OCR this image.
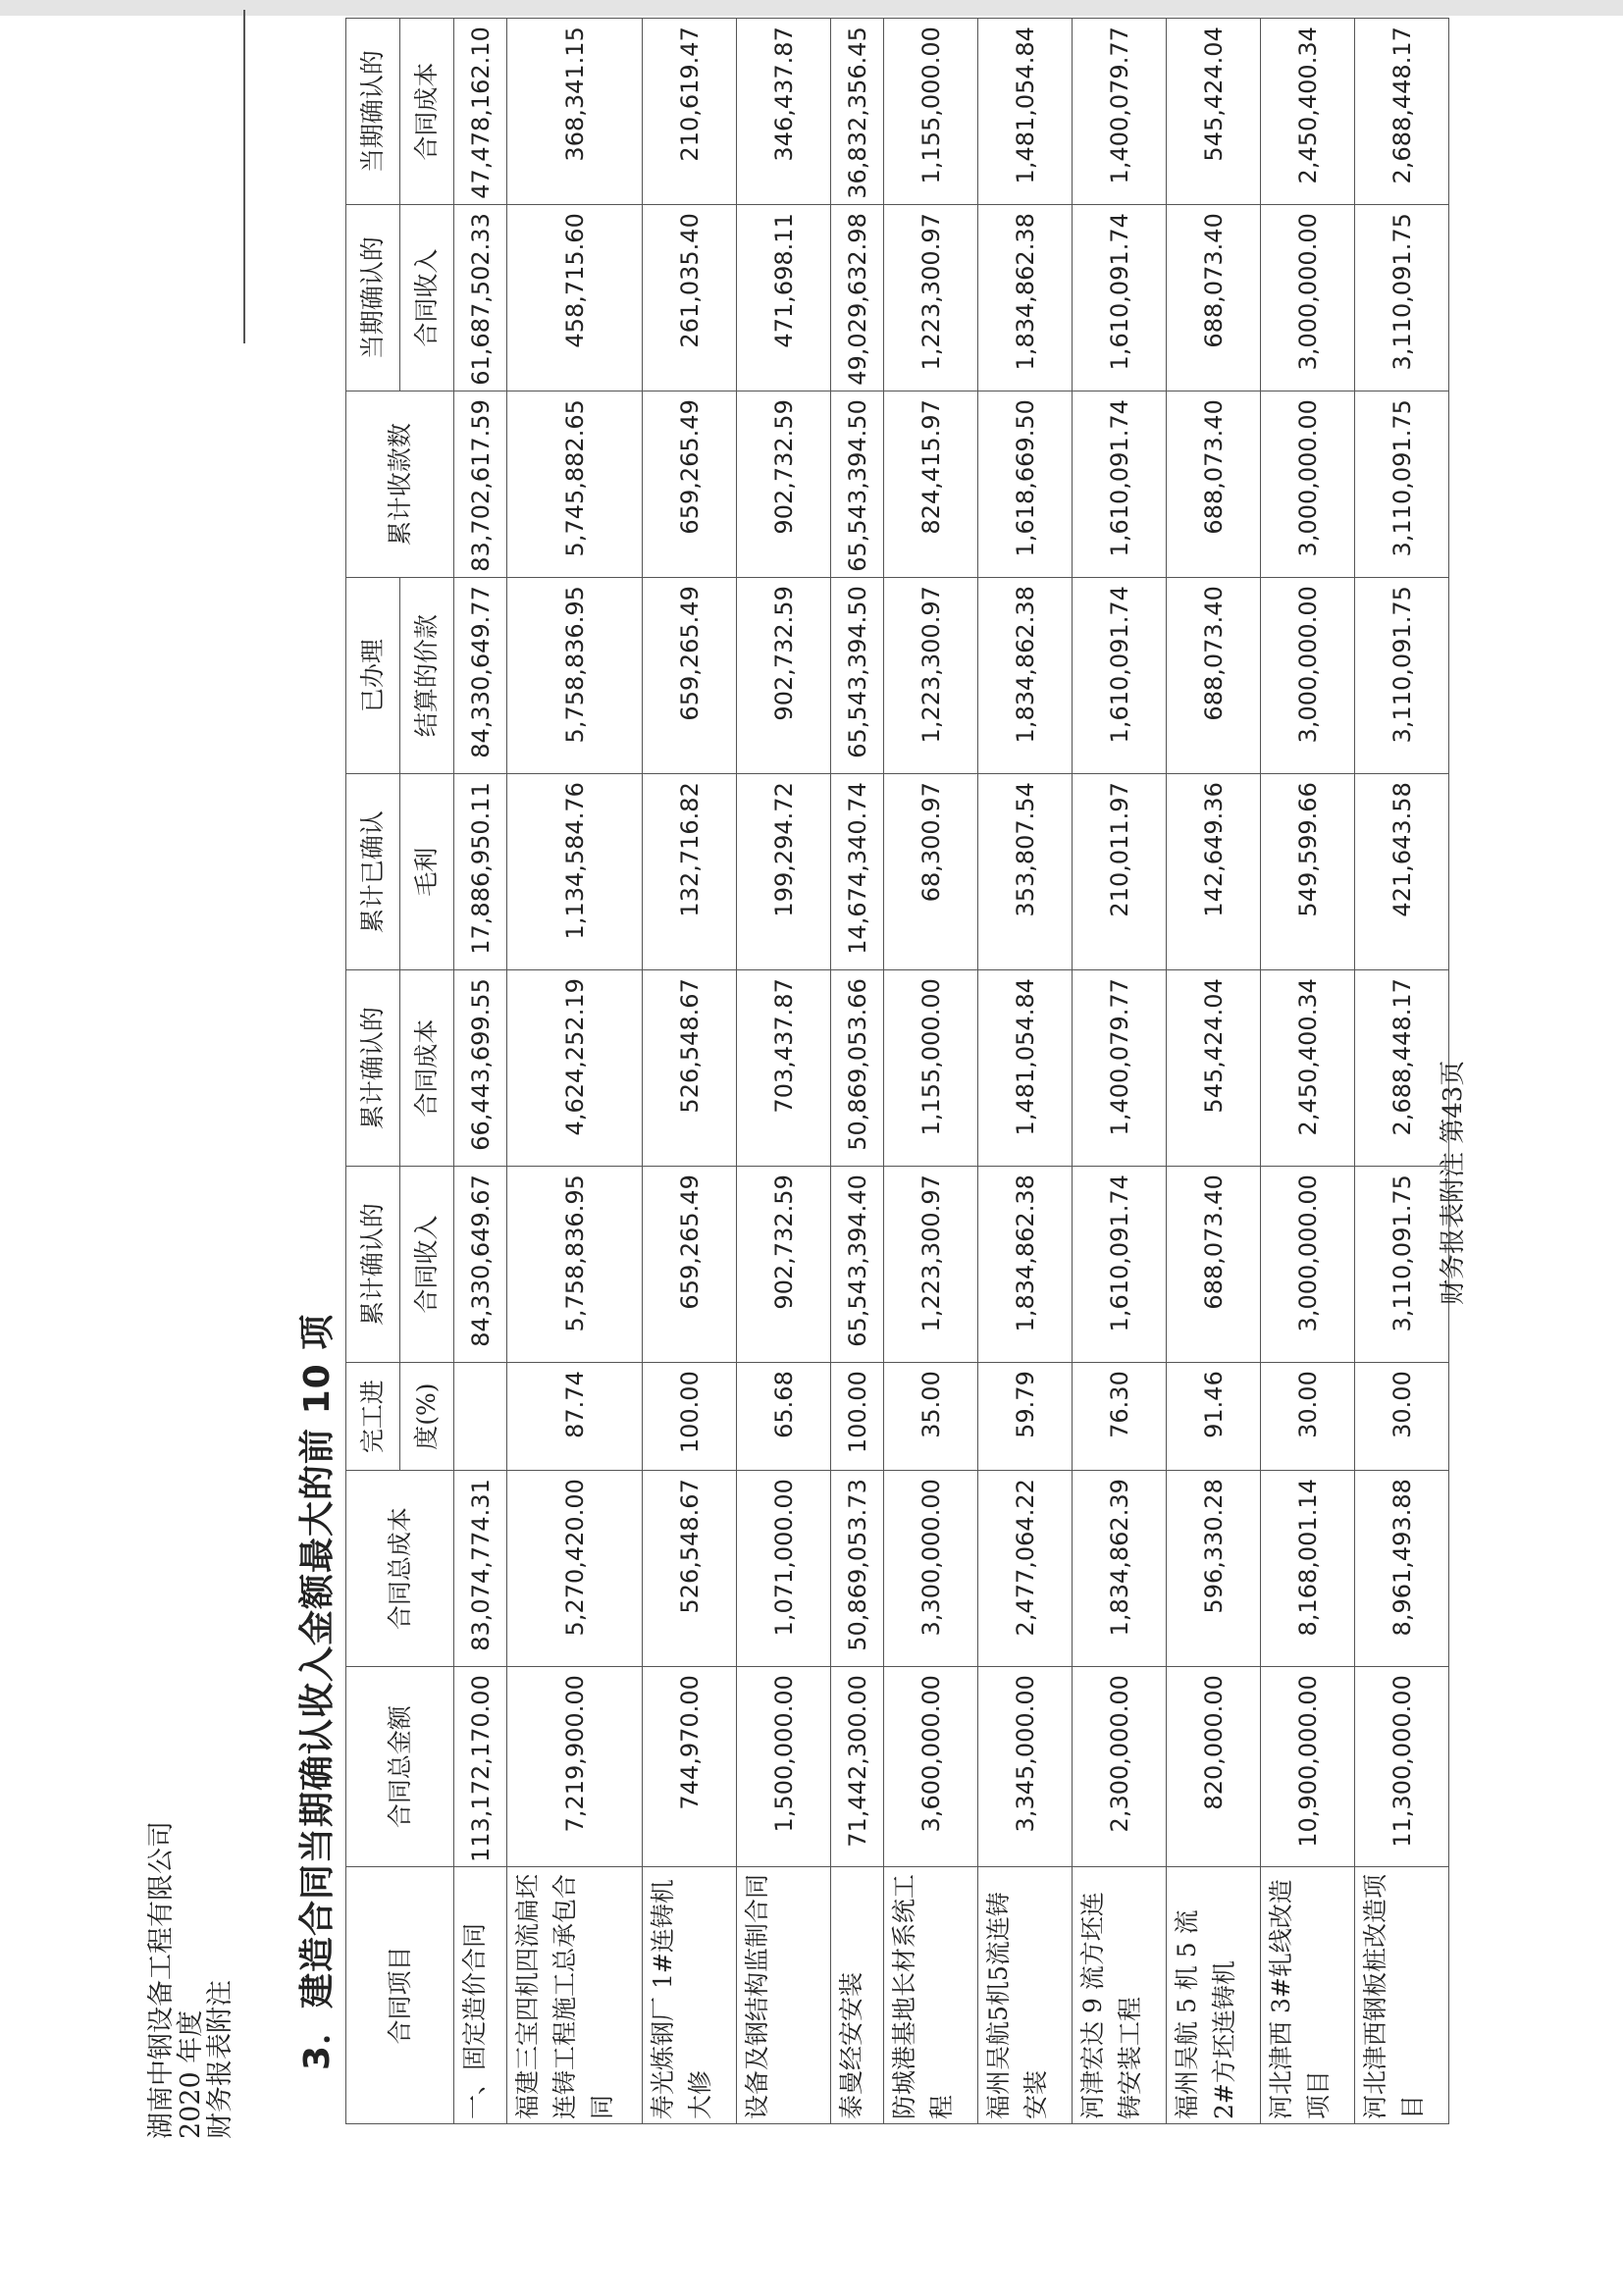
湖南中钢设备工程有限公司 2020 年度 财务报表附注 3．建造合同当期确认收入金额最大的前 10 项 合同项目	合同总金额	合同总成本	完工进	累计确认的	累计确认的	累计已确认	已办理	累计收款数	当期确认的	当期确认的
			度(%)	合同收入	合同成本	毛利	结算的价款		合同收入	合同成本
一、固定造价合同	113,172,170.00	83,074,774.31		84,330,649.67	66,443,699.55	17,886,950.11	84,330,649.77	83,702,617.59	61,687,502.33	47,478,162.10
福建三宝四机四流扁坯连铸工程施工总承包合同	7,219,900.00	5,270,420.00	87.74	5,758,836.95	4,624,252.19	1,134,584.76	5,758,836.95	5,745,882.65	458,715.60	368,341.15
寿光炼钢厂 1#连铸机大修	744,970.00	526,548.67	100.00	659,265.49	526,548.67	132,716.82	659,265.49	659,265.49	261,035.40	210,619.47
设备及钢结构监制合同	1,500,000.00	1,071,000.00	65.68	902,732.59	703,437.87	199,294.72	902,732.59	902,732.59	471,698.11	346,437.87
泰曼经安安装	71,442,300.00	50,869,053.73	100.00	65,543,394.40	50,869,053.66	14,674,340.74	65,543,394.50	65,543,394.50	49,029,632.98	36,832,356.45
防城港基地长材系统工程	3,600,000.00	3,300,000.00	35.00	1,223,300.97	1,155,000.00	68,300.97	1,223,300.97	824,415.97	1,223,300.97	1,155,000.00
福州吴航5机5流连铸安装	3,345,000.00	2,477,064.22	59.79	1,834,862.38	1,481,054.84	353,807.54	1,834,862.38	1,618,669.50	1,834,862.38	1,481,054.84
河津宏达 9 流方坯连铸安装工程	2,300,000.00	1,834,862.39	76.30	1,610,091.74	1,400,079.77	210,011.97	1,610,091.74	1,610,091.74	1,610,091.74	1,400,079.77
福州吴航 5 机 5 流 2#方坯连铸机	820,000.00	596,330.28	91.46	688,073.40	545,424.04	142,649.36	688,073.40	688,073.40	688,073.40	545,424.04
河北津西 3#轧线改造项目	10,900,000.00	8,168,001.14	30.00	3,000,000.00	2,450,400.34	549,599.66	3,000,000.00	3,000,000.00	3,000,000.00	2,450,400.34
河北津西钢板桩改造项目	11,300,000.00	8,961,493.88	30.00	3,110,091.75	2,688,448.17	421,643.58	3,110,091.75	3,110,091.75	3,110,091.75	2,688,448.17
财务报表附注 第43页
